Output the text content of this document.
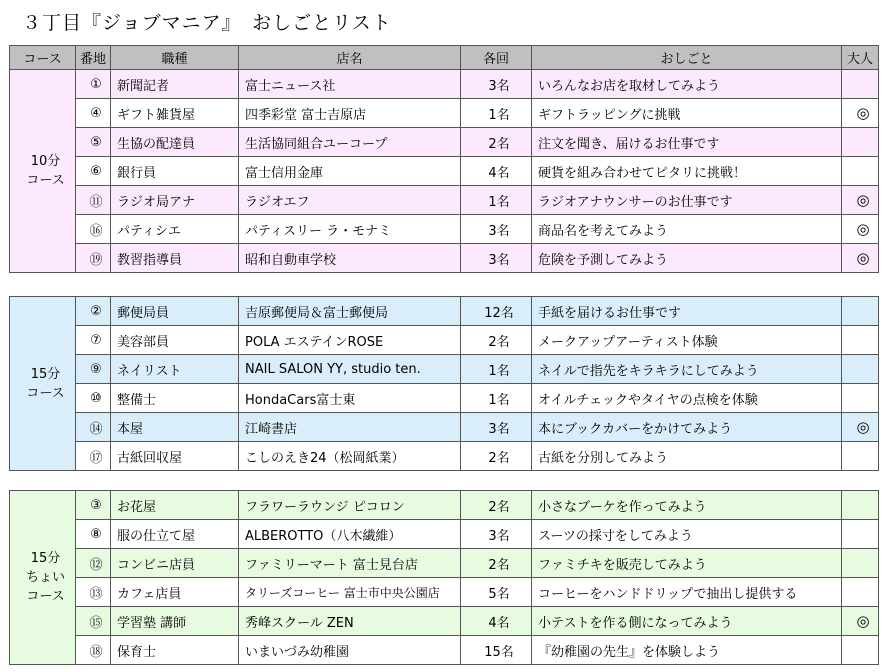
３丁目『ジョブマニア』　おしごとリスト
コース	番地	職種	店名	各回	おしごと	大人

10分
コース	①	新聞記者	富士ニュース社	3名	いろんなお店を取材してみよう	
	④	ギフト雑貨屋	四季彩堂 富士吉原店	1名	ギフトラッピングに挑戦	◎
	⑤	生協の配達員	生活協同組合ユーコープ	2名	注文を聞き、届けるお仕事です	
	⑥	銀行員	富士信用金庫	4名	硬貨を組み合わせてピタリに挑戦！	
	⑪	ラジオ局アナ	ラジオエフ	1名	ラジオアナウンサーのお仕事です	◎
	⑯	パティシエ	パティスリー ラ・モナミ	3名	商品名を考えてみよう	◎
	⑲	教習指導員	昭和自動車学校	3名	危険を予測してみよう	◎
15分
コース	②	郵便局員	吉原郵便局＆富士郵便局	12名	手紙を届けるお仕事です	
	⑦	美容部員	POLA エステインROSE	2名	メークアップアーティスト体験	
	⑨	ネイリスト	NAIL SALON YY, studio ten.	1名	ネイルで指先をキラキラにしてみよう	
	⑩	整備士	HondaCars富士東	1名	オイルチェックやタイヤの点検を体験	
	⑭	本屋	江崎書店	3名	本にブックカバーをかけてみよう	◎
	⑰	古紙回収屋	こしのえき24（松岡紙業）	2名	古紙を分別してみよう	
15分
ちょい
コース	③	お花屋	フラワーラウンジ ピコロン	2名	小さなブーケを作ってみよう	
	⑧	服の仕立て屋	ALBEROTTO（八木繊維）	3名	スーツの採寸をしてみよう	
	⑫	コンビニ店員	ファミリーマート 富士見台店	2名	ファミチキを販売してみよう	
	⑬	カフェ店員	タリーズコーヒー 富士市中央公園店	5名	コーヒーをハンドドリップで抽出し提供する	
	⑮	学習塾 講師	秀峰スクール ZEN	4名	小テストを作る側になってみよう	◎
	⑱	保育士	いまいづみ幼稚園	15名	『幼稚園の先生』を体験しよう	
